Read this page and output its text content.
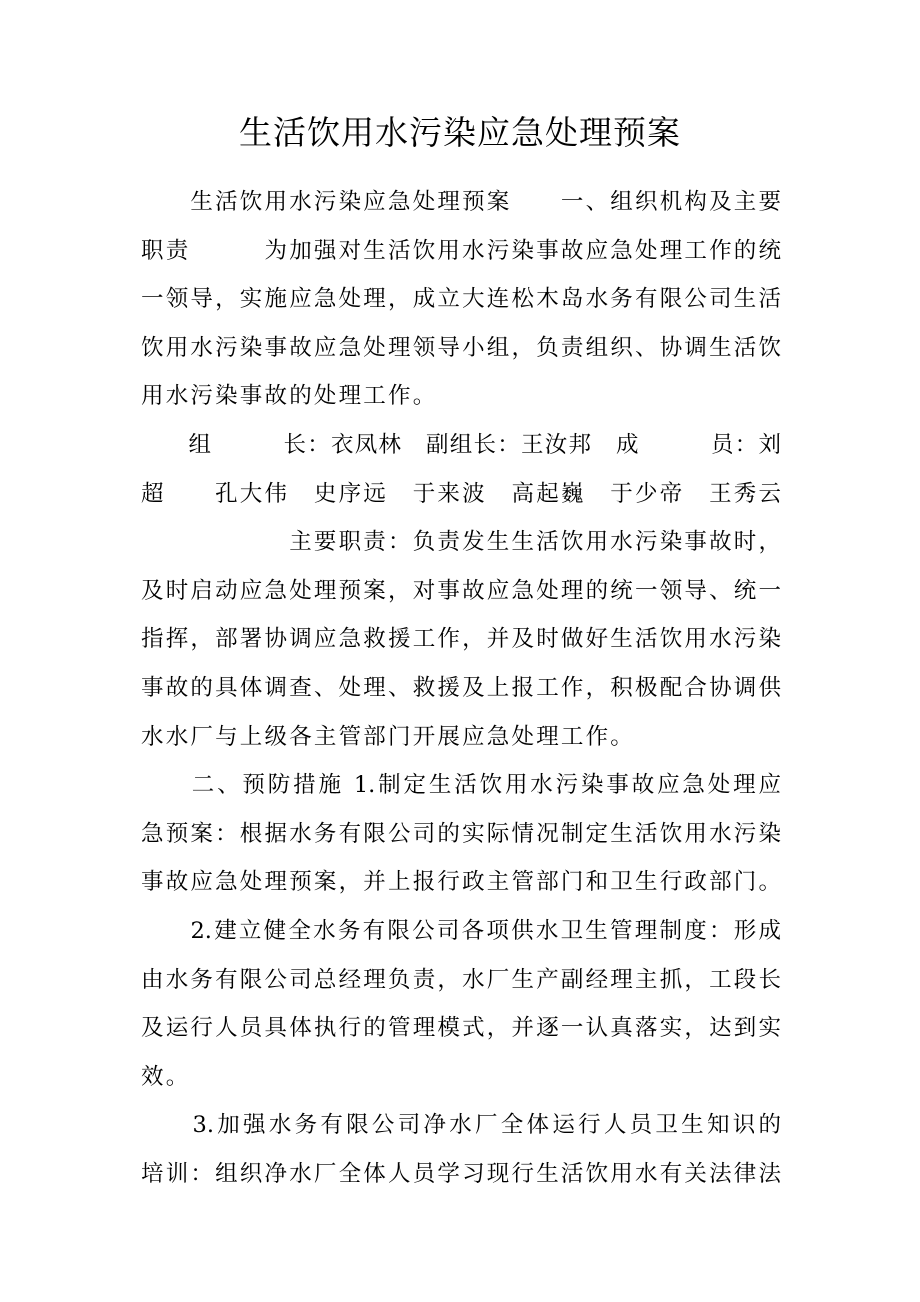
生活饮用水污染应急处理预案
　　生活饮用水污染应急处理预案　　一、组织机构及主要
职责　　　为加强对生活饮用水污染事故应急处理工作的统
一领导，实施应急处理，成立大连松木岛水务有限公司生活
饮用水污染事故应急处理领导小组，负责组织、协调生活饮
用水污染事故的处理工作。
　　组　　　长：衣凤林　副组长：王汝邦　成　　　员：刘
超　　孔大伟　史序远　于来波　高起巍　于少帝　王秀云
　　　　　　主要职责：负责发生生活饮用水污染事故时，
及时启动应急处理预案，对事故应急处理的统一领导、统一
指挥，部署协调应急救援工作，并及时做好生活饮用水污染
事故的具体调查、处理、救援及上报工作，积极配合协调供
水水厂与上级各主管部门开展应急处理工作。
　　二、预防措施 1.制定生活饮用水污染事故应急处理应
急预案：根据水务有限公司的实际情况制定生活饮用水污染
事故应急处理预案，并上报行政主管部门和卫生行政部门。
　　2.建立健全水务有限公司各项供水卫生管理制度：形成
由水务有限公司总经理负责，水厂生产副经理主抓，工段长
及运行人员具体执行的管理模式，并逐一认真落实，达到实
效。
　　3.加强水务有限公司净水厂全体运行人员卫生知识的
培训：组织净水厂全体人员学习现行生活饮用水有关法律法
